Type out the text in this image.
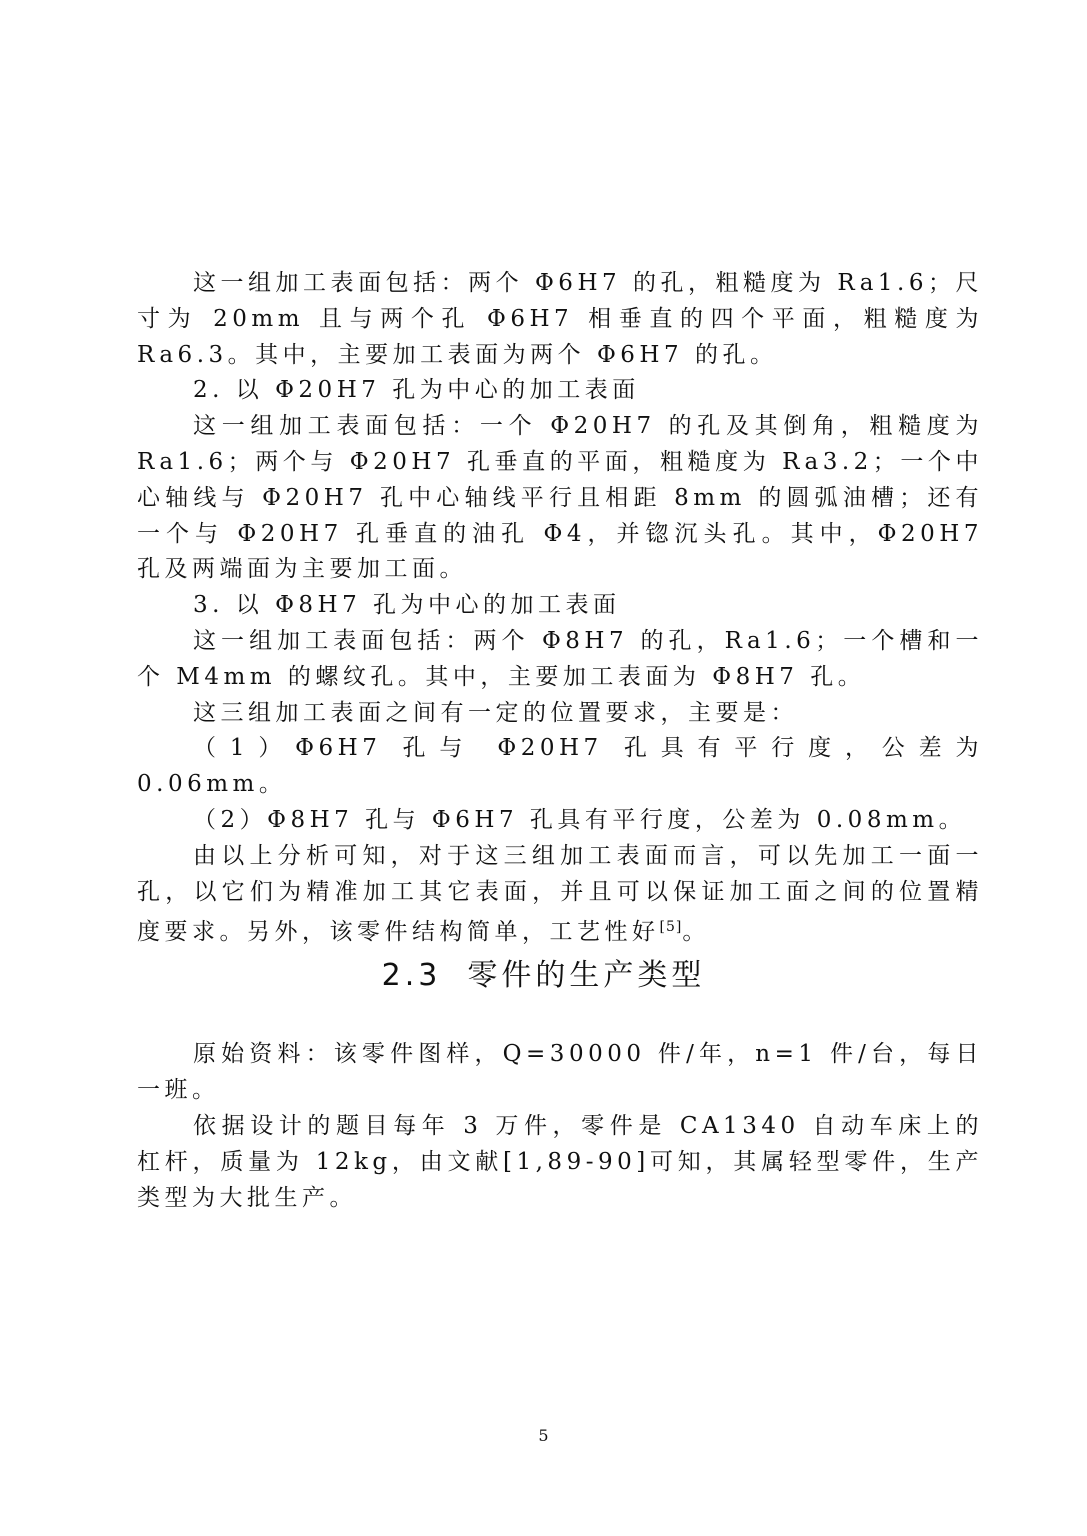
这一组加工表面包括：两个 Φ6H7 的孔，粗糙度为 Ra1.6；尺寸为 20mm 且与两个孔 Φ6H7 相垂直的四个平面，粗糙度为 Ra6.3。其中，主要加工表面为两个 Φ6H7 的孔。

2. 以 Φ20H7 孔为中心的加工表面

这一组加工表面包括：一个 Φ20H7 的孔及其倒角，粗糙度为 Ra1.6；两个与 Φ20H7 孔垂直的平面，粗糙度为 Ra3.2；一个中心轴线与 Φ20H7 孔中心轴线平行且相距 8mm 的圆弧油槽；还有一个与 Φ20H7 孔垂直的油孔 Φ4，并锪沉头孔。其中，Φ20H7 孔及两端面为主要加工面。

3. 以 Φ8H7 孔为中心的加工表面

这一组加工表面包括：两个 Φ8H7 的孔，Ra1.6；一个槽和一个 M4mm 的螺纹孔。其中，主要加工表面为 Φ8H7 孔。

这三组加工表面之间有一定的位置要求，主要是：

（1）Φ6H7 孔与 Φ20H7 孔具有平行度，公差为 0.06mm。

（2）Φ8H7 孔与 Φ6H7 孔具有平行度，公差为 0.08mm。

由以上分析可知，对于这三组加工表面而言，可以先加工一面一孔，以它们为精准加工其它表面，并且可以保证加工面之间的位置精度要求。另外，该零件结构简单，工艺性好[5]。

2.3 零件的生产类型

原始资料：该零件图样，Q=30000 件/年，n=1 件/台，每日一班。

依据设计的题目每年 3 万件，零件是 CA1340 自动车床上的杠杆，质量为 12kg，由文献[1,89-90]可知，其属轻型零件，生产类型为大批生产。

5
